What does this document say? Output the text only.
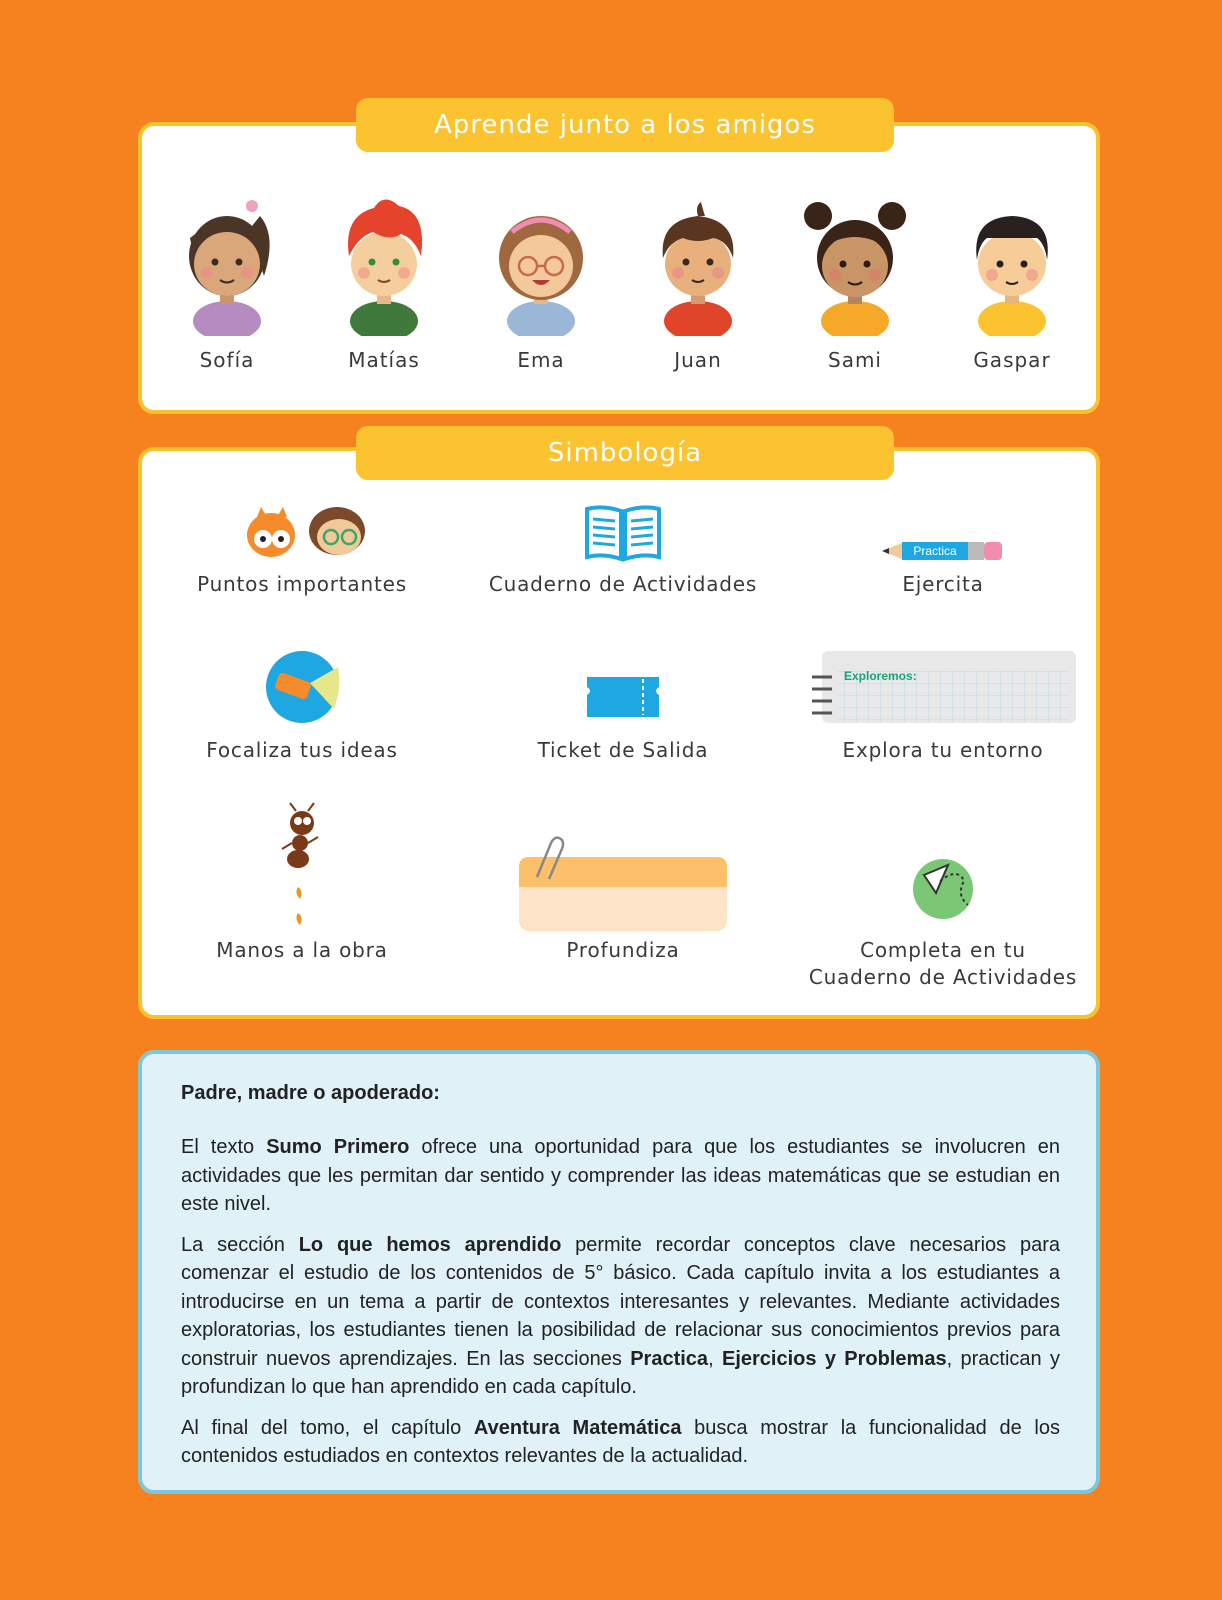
Aprende junto a los amigos
Sofía	Matías	Ema	Juan	Sami	Gaspar
Simbología
Puntos importantes	Cuaderno de Actividades
Practica
Ejercita
Focaliza tus ideas	Ticket de Salida
Exploremos:
Explora tu entorno
Manos a la obra	Profundiza	Completa en tu
Cuaderno de Actividades
Padre, madre o apoderado:

El texto Sumo Primero ofrece una oportunidad para que los estudiantes se involucren en actividades que les permitan dar sentido y comprender las ideas matemáticas que se estudian en este nivel.

La sección Lo que hemos aprendido permite recordar conceptos clave necesarios para comenzar el estudio de los contenidos de 5° básico. Cada capítulo invita a los estudiantes a introducirse en un tema a partir de contextos interesantes y relevantes. Mediante actividades exploratorias, los estudiantes tienen la posibilidad de relacionar sus conocimientos previos para construir nuevos aprendizajes. En las secciones Practica, Ejercicios y Problemas, practican y profundizan lo que han aprendido en cada capítulo.

Al final del tomo, el capítulo Aventura Matemática busca mostrar la funcionalidad de los contenidos estudiados en contextos relevantes de la actualidad.
